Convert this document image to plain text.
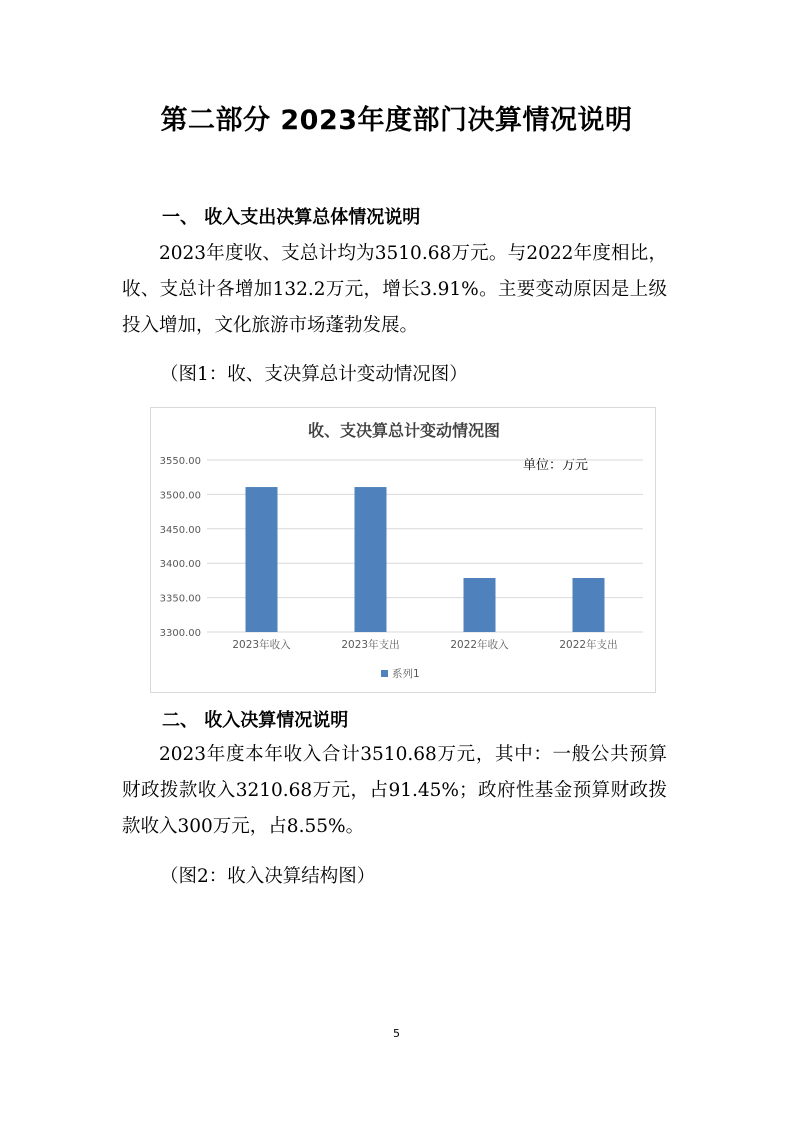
第二部分 2023年度部门决算情况说明
一、 收入支出决算总体情况说明
2023年度收、支总计均为3510.68万元。与2022年度相比，收、支总计各增加132.2万元，增长3.91%。主要变动原因是上级投入增加，文化旅游市场蓬勃发展。
（图1：收、支决算总计变动情况图）
收、支决算总计变动情况图
单位：万元
3300.00
3350.00
3400.00
3450.00
3500.00
3550.00
2023年收入	2023年支出	2022年收入	2022年支出
系列1
二、 收入决算情况说明
2023年度本年收入合计3510.68万元，其中：一般公共预算财政拨款收入3210.68万元，占91.45%；政府性基金预算财政拨款收入300万元，占8.55%。
（图2：收入决算结构图）
5
